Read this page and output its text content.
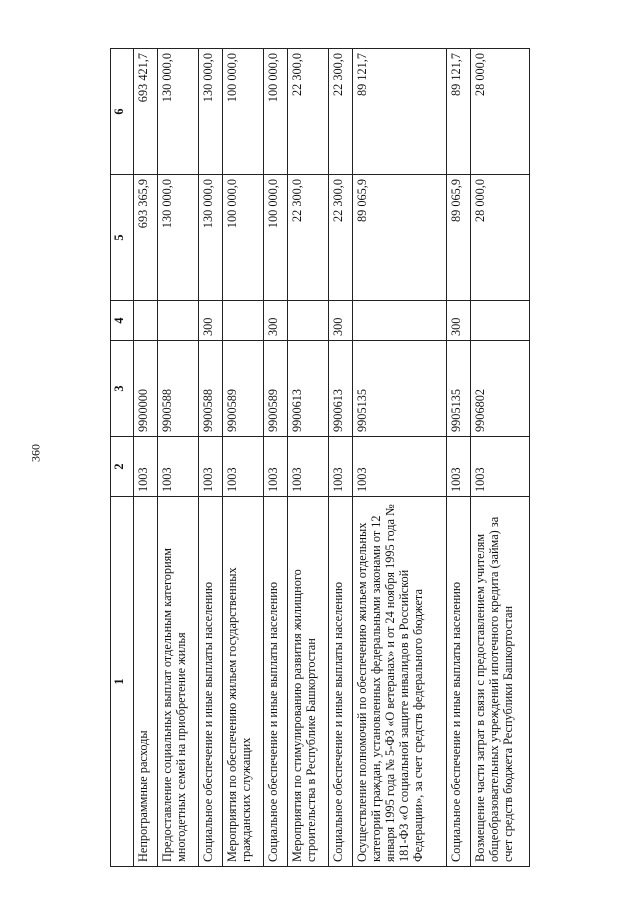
360
1	2	3	4	5	6
Непрограммные расходы	1003	9900000		693 365,9	693 421,7
Предоставление социальных выплат отдельным категориям многодетных семей на приобретение жилья	1003	9900588		130 000,0	130 000,0
Социальное обеспечение и иные выплаты населению	1003	9900588	300	130 000,0	130 000,0
Мероприятия по обеспечению жильем государственных гражданских служащих	1003	9900589		100 000,0	100 000,0
Социальное обеспечение и иные выплаты населению	1003	9900589	300	100 000,0	100 000,0
Мероприятия по стимулированию развития жилищного строительства в Республике Башкортостан	1003	9900613		22 300,0	22 300,0
Социальное обеспечение и иные выплаты населению	1003	9900613	300	22 300,0	22 300,0
Осуществление полномочий по обеспечению жильем отдельных категорий граждан, установленных федеральными законами от 12 января 1995 года № 5-ФЗ «О ветеранах» и от 24 ноября 1995 года № 181-ФЗ «О социальной защите инвалидов в Российской Федерации», за счет средств федерального бюджета	1003	9905135		89 065,9	89 121,7
Социальное обеспечение и иные выплаты населению	1003	9905135	300	89 065,9	89 121,7
Возмещение части затрат в связи с предоставлением учителям общеобразовательных учреждений ипотечного кредита (займа) за счет средств бюджета Республики Башкортостан	1003	9906802		28 000,0	28 000,0
